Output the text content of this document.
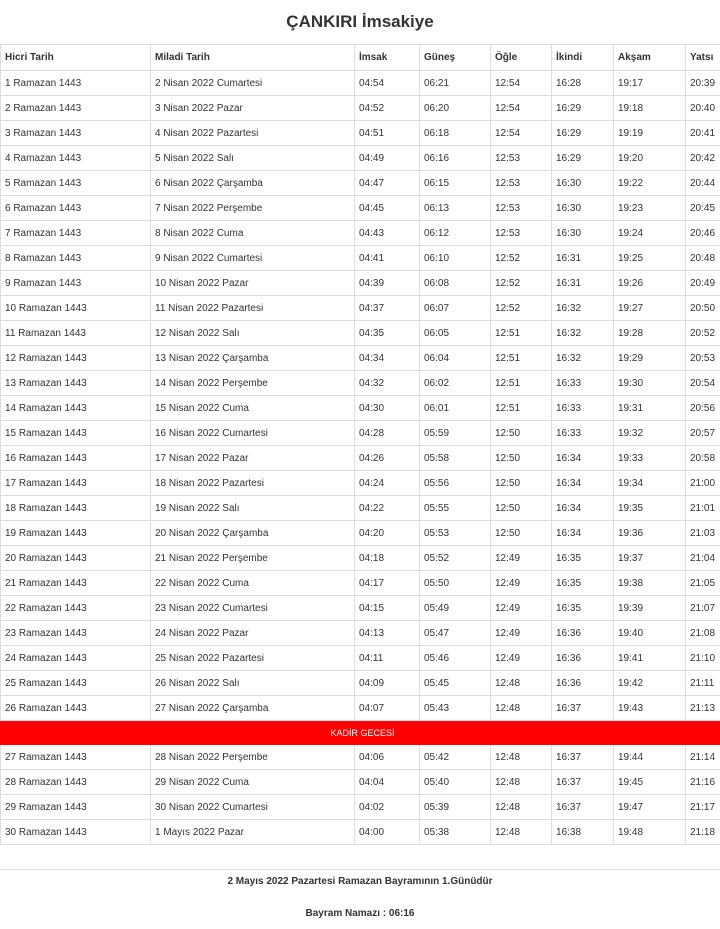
ÇANKIRI İmsakiye
Hicri Tarih	Miladi Tarih	İmsak	Güneş	Öğle	İkindi	Akşam	Yatsı
1 Ramazan 1443	2 Nisan 2022 Cumartesi	04:54	06:21	12:54	16:28	19:17	20:39
2 Ramazan 1443	3 Nisan 2022 Pazar	04:52	06:20	12:54	16:29	19:18	20:40
3 Ramazan 1443	4 Nisan 2022 Pazartesi	04:51	06:18	12:54	16:29	19:19	20:41
4 Ramazan 1443	5 Nisan 2022 Salı	04:49	06:16	12:53	16:29	19:20	20:42
5 Ramazan 1443	6 Nisan 2022 Çarşamba	04:47	06:15	12:53	16:30	19:22	20:44
6 Ramazan 1443	7 Nisan 2022 Perşembe	04:45	06:13	12:53	16:30	19:23	20:45
7 Ramazan 1443	8 Nisan 2022 Cuma	04:43	06:12	12:53	16:30	19:24	20:46
8 Ramazan 1443	9 Nisan 2022 Cumartesi	04:41	06:10	12:52	16:31	19:25	20:48
9 Ramazan 1443	10 Nisan 2022 Pazar	04:39	06:08	12:52	16:31	19:26	20:49
10 Ramazan 1443	11 Nisan 2022 Pazartesi	04:37	06:07	12:52	16:32	19:27	20:50
11 Ramazan 1443	12 Nisan 2022 Salı	04:35	06:05	12:51	16:32	19:28	20:52
12 Ramazan 1443	13 Nisan 2022 Çarşamba	04:34	06:04	12:51	16:32	19:29	20:53
13 Ramazan 1443	14 Nisan 2022 Perşembe	04:32	06:02	12:51	16:33	19:30	20:54
14 Ramazan 1443	15 Nisan 2022 Cuma	04:30	06:01	12:51	16:33	19:31	20:56
15 Ramazan 1443	16 Nisan 2022 Cumartesi	04:28	05:59	12:50	16:33	19:32	20:57
16 Ramazan 1443	17 Nisan 2022 Pazar	04:26	05:58	12:50	16:34	19:33	20:58
17 Ramazan 1443	18 Nisan 2022 Pazartesi	04:24	05:56	12:50	16:34	19:34	21:00
18 Ramazan 1443	19 Nisan 2022 Salı	04:22	05:55	12:50	16:34	19:35	21:01
19 Ramazan 1443	20 Nisan 2022 Çarşamba	04:20	05:53	12:50	16:34	19:36	21:03
20 Ramazan 1443	21 Nisan 2022 Perşembe	04:18	05:52	12:49	16:35	19:37	21:04
21 Ramazan 1443	22 Nisan 2022 Cuma	04:17	05:50	12:49	16:35	19:38	21:05
22 Ramazan 1443	23 Nisan 2022 Cumartesi	04:15	05:49	12:49	16:35	19:39	21:07
23 Ramazan 1443	24 Nisan 2022 Pazar	04:13	05:47	12:49	16:36	19:40	21:08
24 Ramazan 1443	25 Nisan 2022 Pazartesi	04:11	05:46	12:49	16:36	19:41	21:10
25 Ramazan 1443	26 Nisan 2022 Salı	04:09	05:45	12:48	16:36	19:42	21:11
26 Ramazan 1443	27 Nisan 2022 Çarşamba	04:07	05:43	12:48	16:37	19:43	21:13
KADİR GECESİ							
27 Ramazan 1443	28 Nisan 2022 Perşembe	04:06	05:42	12:48	16:37	19:44	21:14
28 Ramazan 1443	29 Nisan 2022 Cuma	04:04	05:40	12:48	16:37	19:45	21:16
29 Ramazan 1443	30 Nisan 2022 Cumartesi	04:02	05:39	12:48	16:37	19:47	21:17
30 Ramazan 1443	1 Mayıs 2022 Pazar	04:00	05:38	12:48	16:38	19:48	21:18
2 Mayıs 2022 Pazartesi Ramazan Bayramının 1.Günüdür
Bayram Namazı : 06:16
